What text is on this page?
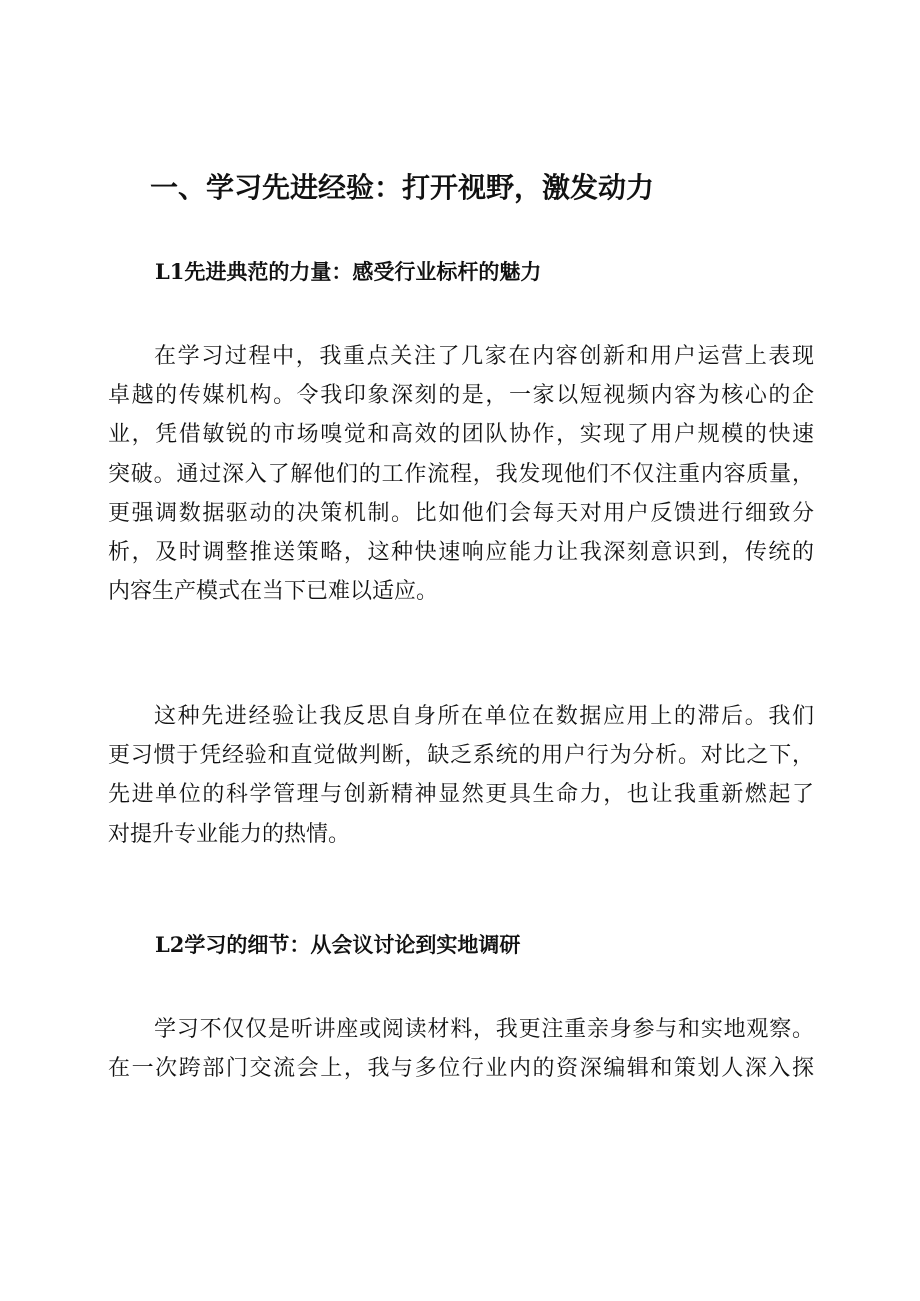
一、学习先进经验：打开视野，激发动力
L1先进典范的力量：感受行业标杆的魅力
在学习过程中，我重点关注了几家在内容创新和用户运营上表现
卓越的传媒机构。令我印象深刻的是，一家以短视频内容为核心的企
业，凭借敏锐的市场嗅觉和高效的团队协作，实现了用户规模的快速
突破。通过深入了解他们的工作流程，我发现他们不仅注重内容质量，
更强调数据驱动的决策机制。比如他们会每天对用户反馈进行细致分
析，及时调整推送策略，这种快速响应能力让我深刻意识到，传统的
内容生产模式在当下已难以适应。
这种先进经验让我反思自身所在单位在数据应用上的滞后。我们
更习惯于凭经验和直觉做判断，缺乏系统的用户行为分析。对比之下，
先进单位的科学管理与创新精神显然更具生命力，也让我重新燃起了
对提升专业能力的热情。
L2学习的细节：从会议讨论到实地调研
学习不仅仅是听讲座或阅读材料，我更注重亲身参与和实地观察。
在一次跨部门交流会上，我与多位行业内的资深编辑和策划人深入探
